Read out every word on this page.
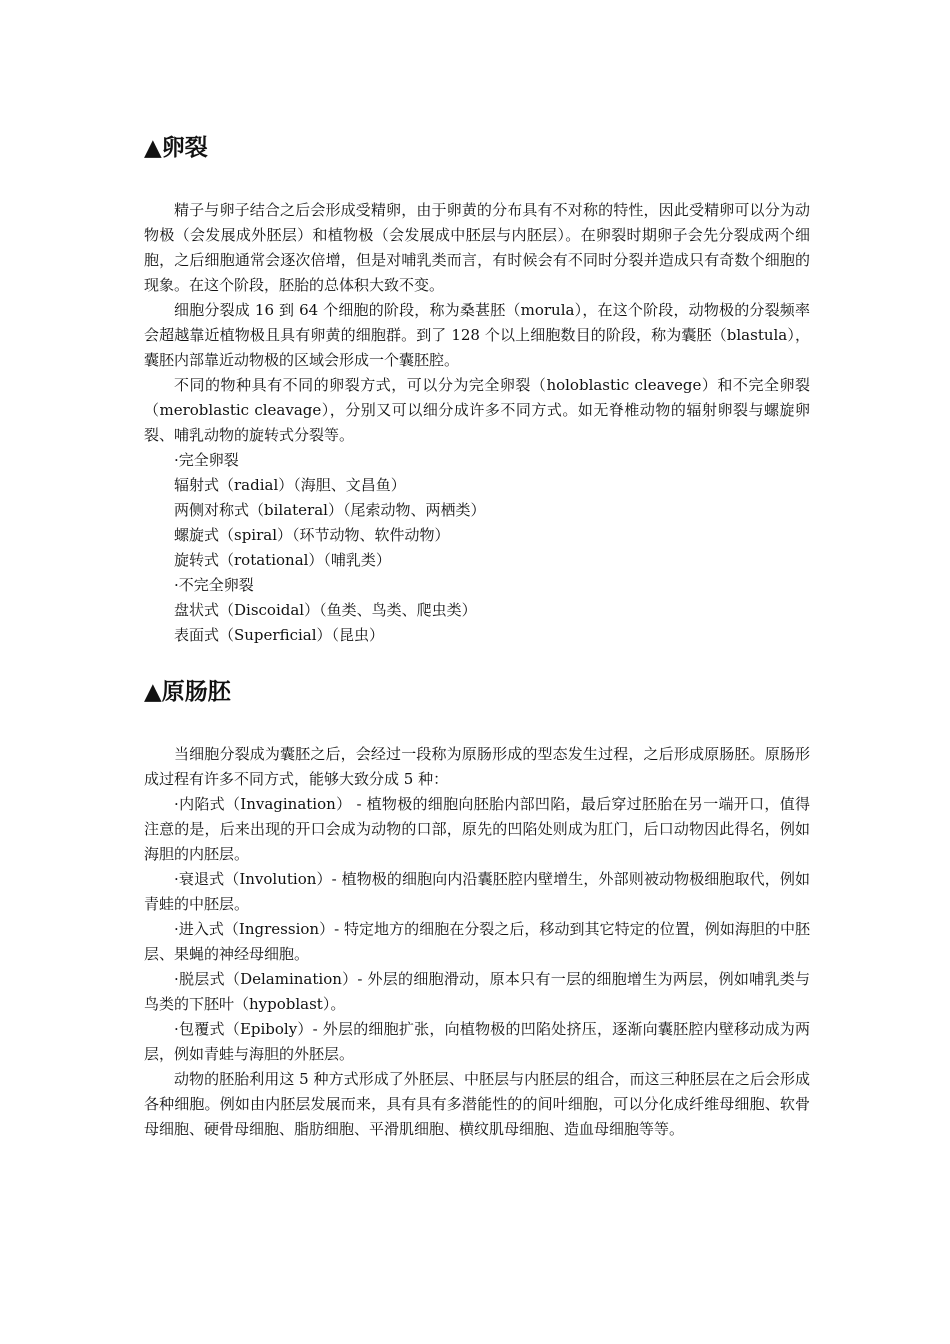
▲卵裂

精子与卵子结合之后会形成受精卵，由于卵黄的分布具有不对称的特性，因此受精卵可以分为动物极（会发展成外胚层）和植物极（会发展成中胚层与内胚层）。在卵裂时期卵子会先分裂成两个细胞，之后细胞通常会逐次倍增，但是对哺乳类而言，有时候会有不同时分裂并造成只有奇数个细胞的现象。在这个阶段，胚胎的总体积大致不变。

细胞分裂成 16 到 64 个细胞的阶段，称为桑葚胚（morula），在这个阶段，动物极的分裂频率会超越靠近植物极且具有卵黄的细胞群。到了 128 个以上细胞数目的阶段，称为囊胚（blastula），囊胚内部靠近动物极的区域会形成一个囊胚腔。

不同的物种具有不同的卵裂方式，可以分为完全卵裂（holoblastic cleavege）和不完全卵裂（meroblastic cleavage），分别又可以细分成许多不同方式。如无脊椎动物的辐射卵裂与螺旋卵裂、哺乳动物的旋转式分裂等。

·完全卵裂

辐射式（radial）（海胆、文昌鱼）

两侧对称式（bilateral）（尾索动物、两栖类）

螺旋式（spiral）（环节动物、软件动物）

旋转式（rotational）（哺乳类）

·不完全卵裂

盘状式（Discoidal）（鱼类、鸟类、爬虫类）

表面式（Superficial）（昆虫）

▲原肠胚

当细胞分裂成为囊胚之后，会经过一段称为原肠形成的型态发生过程，之后形成原肠胚。原肠形成过程有许多不同方式，能够大致分成 5 种：

·内陷式（Invagination） - 植物极的细胞向胚胎内部凹陷，最后穿过胚胎在另一端开口，值得注意的是，后来出现的开口会成为动物的口部，原先的凹陷处则成为肛门，后口动物因此得名，例如海胆的内胚层。

·衰退式（Involution）- 植物极的细胞向内沿囊胚腔内壁增生，外部则被动物极细胞取代，例如青蛙的中胚层。

·进入式（Ingression）- 特定地方的细胞在分裂之后，移动到其它特定的位置，例如海胆的中胚层、果蝇的神经母细胞。

·脱层式（Delamination）- 外层的细胞滑动，原本只有一层的细胞增生为两层，例如哺乳类与鸟类的下胚叶（hypoblast）。

·包覆式（Epiboly）- 外层的细胞扩张，向植物极的凹陷处挤压，逐渐向囊胚腔内壁移动成为两层，例如青蛙与海胆的外胚层。

动物的胚胎利用这 5 种方式形成了外胚层、中胚层与内胚层的组合，而这三种胚层在之后会形成各种细胞。例如由内胚层发展而来，具有具有多潜能性的的间叶细胞，可以分化成纤维母细胞、软骨母细胞、硬骨母细胞、脂肪细胞、平滑肌细胞、横纹肌母细胞、造血母细胞等等。
